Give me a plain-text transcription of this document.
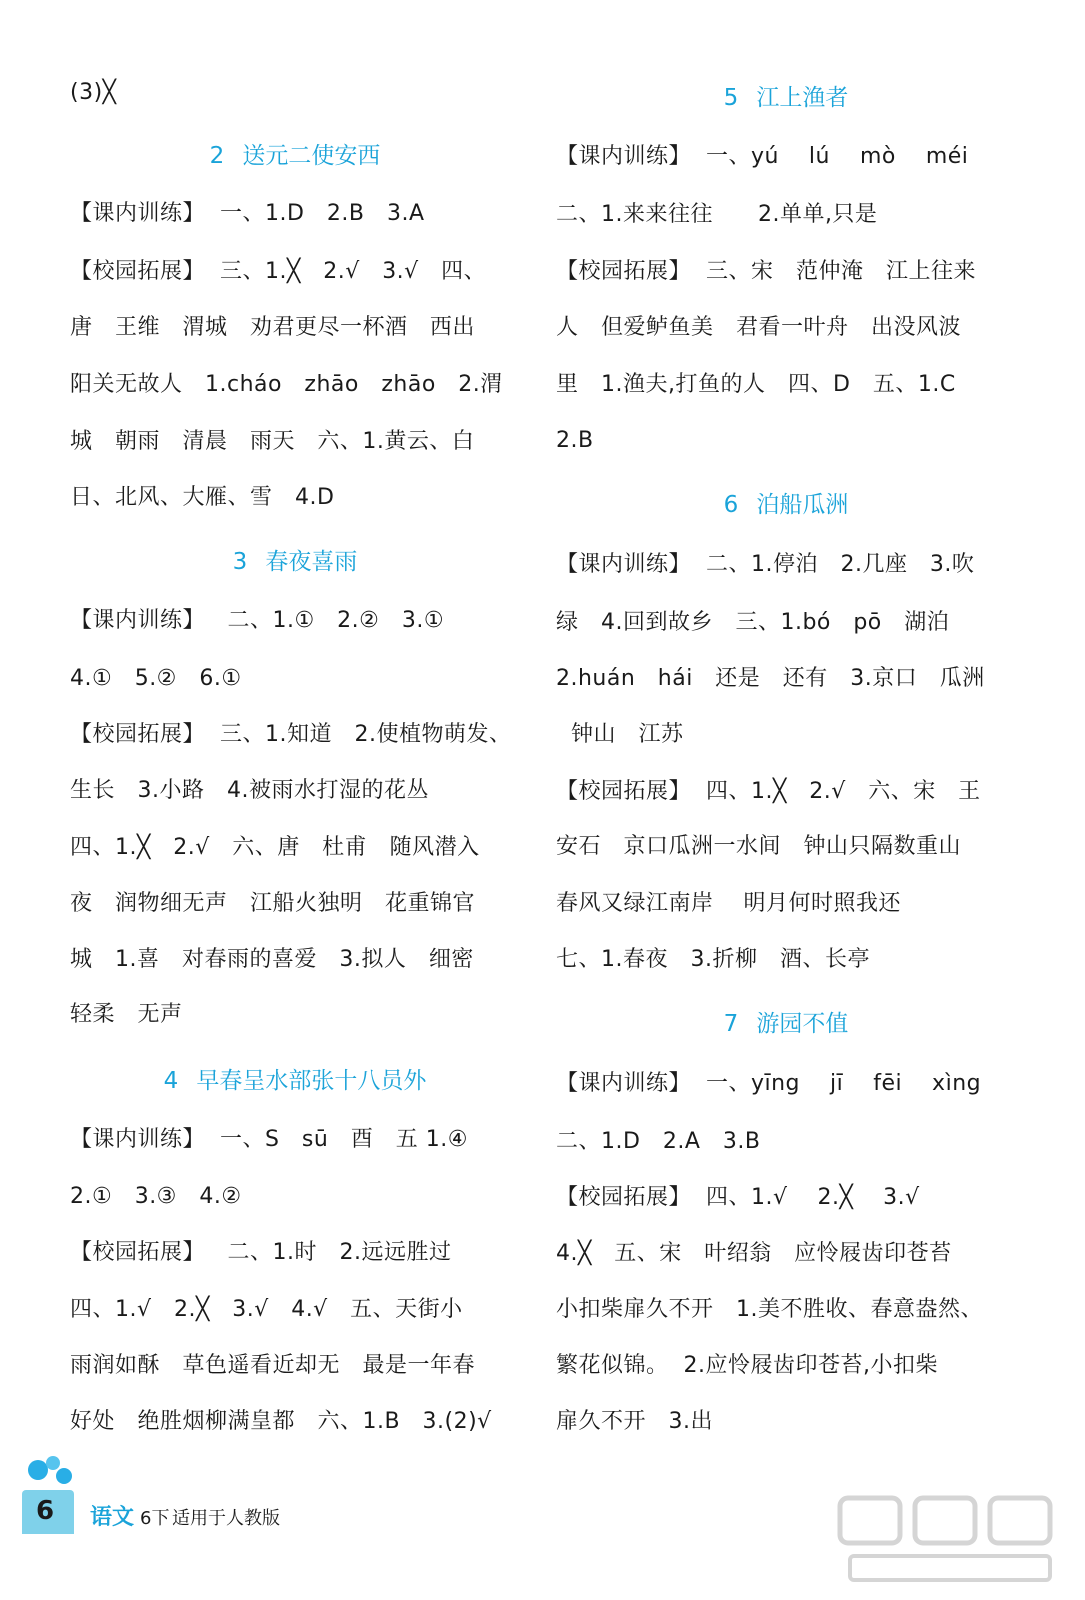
(3)╳
2 送元二使安西
【课内训练】  一、1.D   2.B   3.A
【校园拓展】  三、1.╳   2.√   3.√   四、
唐   王维   渭城   劝君更尽一杯酒   西出
阳关无故人   1.cháo   zhāo   zhāo   2.渭
城   朝雨   清晨   雨天   六、1.黄云、白
日、北风、大雁、雪   4.D
3 春夜喜雨
【课内训练】   二、1.①   2.②   3.①
4.①   5.②   6.①
【校园拓展】  三、1.知道   2.使植物萌发、
生长   3.小路   4.被雨水打湿的花丛
四、1.╳   2.√   六、唐   杜甫   随风潜入
夜   润物细无声   江船火独明   花重锦官
城   1.喜   对春雨的喜爱   3.拟人   细密
轻柔   无声
4 早春呈水部张十八员外
【课内训练】  一、S   sū   酉   五 1.④
2.①   3.③   4.②
【校园拓展】   二、1.时   2.远远胜过
四、1.√   2.╳   3.√   4.√   五、天街小
雨润如酥   草色遥看近却无   最是一年春
好处   绝胜烟柳满皇都   六、1.B   3.(2)√
5 江上渔者
【课内训练】  一、yú    lú    mò    méi
二、1.来来往往      2.单单,只是
【校园拓展】  三、宋   范仲淹   江上往来
人   但爱鲈鱼美   君看一叶舟   出没风波
里   1.渔夫,打鱼的人   四、D   五、1.C
2.B
6 泊船瓜洲
【课内训练】  二、1.停泊   2.几座   3.吹
绿   4.回到故乡   三、1.bó   pō   湖泊
2.huán   hái   还是   还有   3.京口   瓜洲
钟山   江苏
【校园拓展】  四、1.╳   2.√   六、宋   王
安石   京口瓜洲一水间   钟山只隔数重山
春风又绿江南岸    明月何时照我还
七、1.春夜   3.折柳   酒、长亭
7 游园不值
【课内训练】  一、yīng    jī    fēi    xìng
二、1.D   2.A   3.B
【校园拓展】  四、1.√    2.╳    3.√
4.╳   五、宋   叶绍翁   应怜屐齿印苍苔
小扣柴扉久不开   1.美不胜收、春意盎然、
繁花似锦。  2.应怜屐齿印苍苔,小扣柴
扉久不开   3.出
6 语文 6下 适用于人教版
